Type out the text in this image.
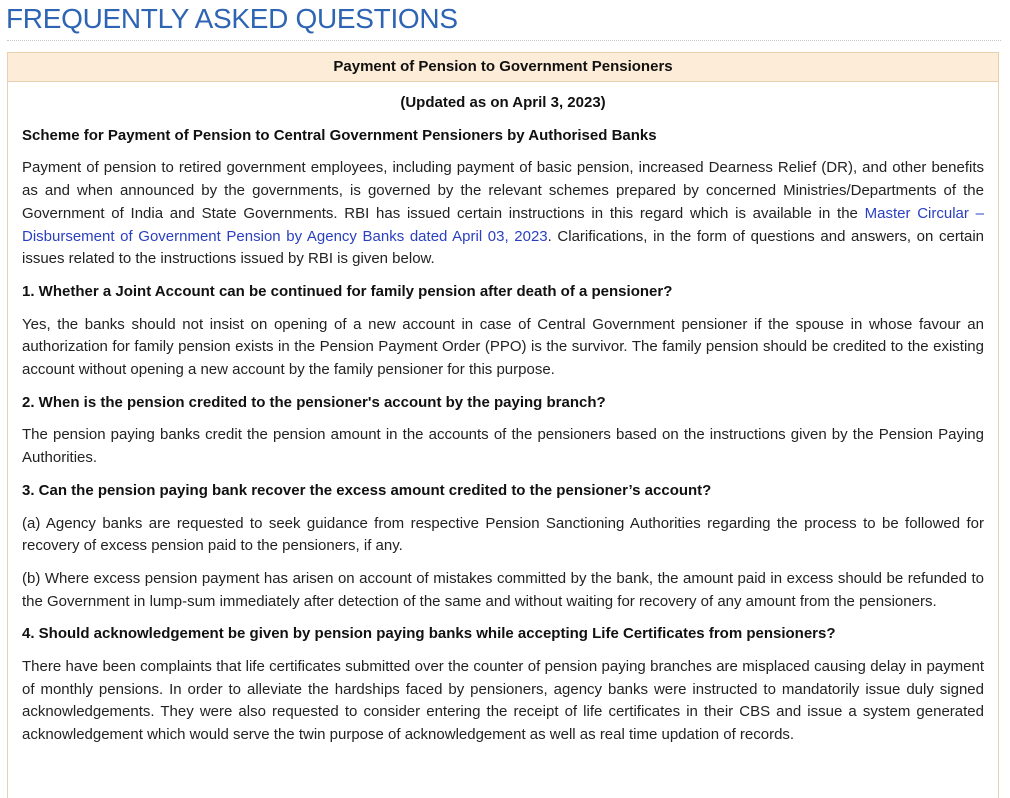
FREQUENTLY ASKED QUESTIONS
Payment of Pension to Government Pensioners
(Updated as on April 3, 2023)
Scheme for Payment of Pension to Central Government Pensioners by Authorised Banks

Payment of pension to retired government employees, including payment of basic pension, increased Dearness Relief (DR), and other benefits as and when announced by the governments, is governed by the relevant schemes prepared by concerned Ministries/Departments of the Government of India and State Governments. RBI has issued certain instructions in this regard which is available in the Master Circular – Disbursement of Government Pension by Agency Banks dated April 03, 2023. Clarifications, in the form of questions and answers, on certain issues related to the instructions issued by RBI is given below.

1. Whether a Joint Account can be continued for family pension after death of a pensioner?

Yes, the banks should not insist on opening of a new account in case of Central Government pensioner if the spouse in whose favour an authorization for family pension exists in the Pension Payment Order (PPO) is the survivor. The family pension should be credited to the existing account without opening a new account by the family pensioner for this purpose.

2. When is the pension credited to the pensioner's account by the paying branch?

The pension paying banks credit the pension amount in the accounts of the pensioners based on the instructions given by the Pension Paying Authorities.

3. Can the pension paying bank recover the excess amount credited to the pensioner’s account?

(a) Agency banks are requested to seek guidance from respective Pension Sanctioning Authorities regarding the process to be followed for recovery of excess pension paid to the pensioners, if any.

(b) Where excess pension payment has arisen on account of mistakes committed by the bank, the amount paid in excess should be refunded to the Government in lump-sum immediately after detection of the same and without waiting for recovery of any amount from the pensioners.

4. Should acknowledgement be given by pension paying banks while accepting Life Certificates from pensioners?

There have been complaints that life certificates submitted over the counter of pension paying branches are misplaced causing delay in payment of monthly pensions. In order to alleviate the hardships faced by pensioners, agency banks were instructed to mandatorily issue duly signed acknowledgements. They were also requested to consider entering the receipt of life certificates in their CBS and issue a system generated acknowledgement which would serve the twin purpose of acknowledgement as well as real time updation of records.
